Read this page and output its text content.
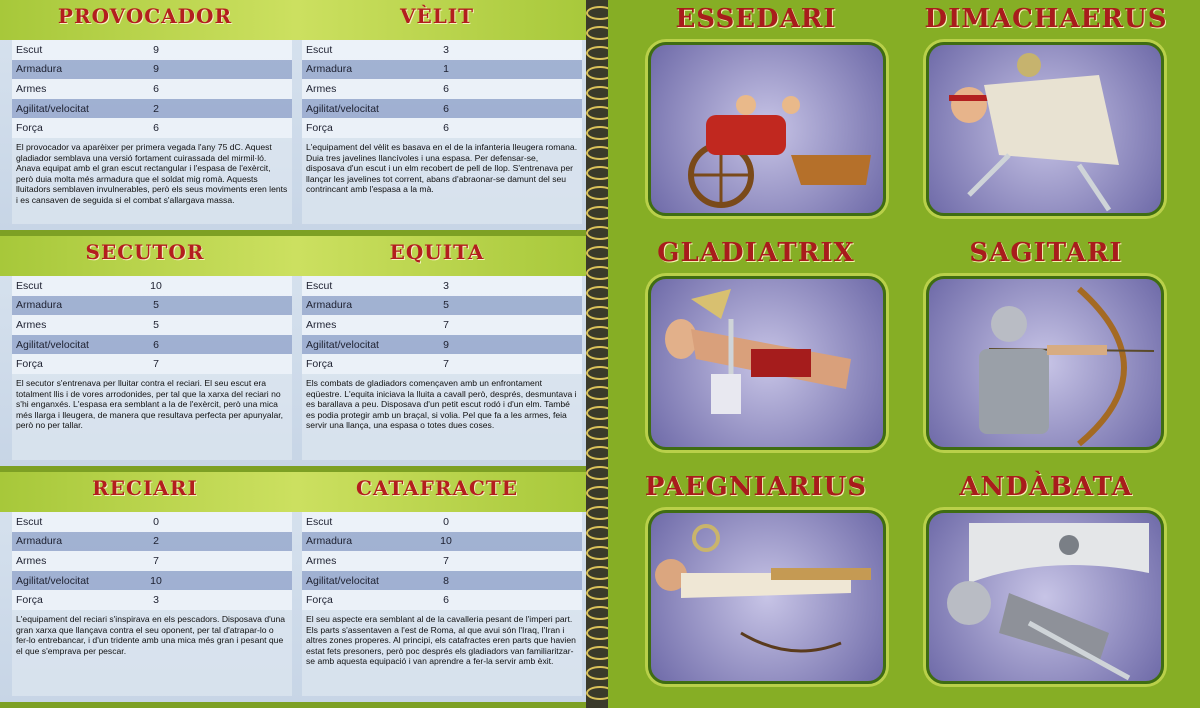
PROVOCADOR	VÈLIT
Escut	9
Armadura	9
Armes	6
Agilitat/velocitat	2
Força	6
El provocador va aparèixer per primera vegada l'any 75 dC. Aquest gladiador semblava una versió fortament cuirassada del mirmil·ló. Anava equipat amb el gran escut rectangular i l'espasa de l'exèrcit, però duia molta més armadura que el soldat mig romà. Aquests lluitadors semblaven invulnerables, però els seus moviments eren lents i es cansaven de seguida si el combat s'allargava massa.
Escut	3
Armadura	1
Armes	6
Agilitat/velocitat	6
Força	6
L'equipament del vèlit es basava en el de la infanteria lleugera romana. Duia tres javelines llancívoles i una espasa. Per defensar-se, disposava d'un escut i un elm recobert de pell de llop. S'entrenava per llançar les javelines tot corrent, abans d'abraonar-se damunt del seu contrincant amb l'espasa a la mà.
SECUTOR	EQUITA
Escut	10
Armadura	5
Armes	5
Agilitat/velocitat	6
Força	7
El secutor s'entrenava per lluitar contra el reciari. El seu escut era totalment llis i de vores arrodonides, per tal que la xarxa del reciari no s'hi enganxés. L'espasa era semblant a la de l'exèrcit, però una mica més llarga i lleugera, de manera que resultava perfecta per apunyalar, però no per tallar.
Escut	3
Armadura	5
Armes	7
Agilitat/velocitat	9
Força	7
Els combats de gladiadors començaven amb un enfrontament eqüestre. L'equita iniciava la lluita a cavall però, després, desmuntava i es barallava a peu. Disposava d'un petit escut rodó i d'un elm. També es podia protegir amb un braçal, si volia. Pel que fa a les armes, feia servir una llança, una espasa o totes dues coses.
RECIARI	CATAFRACTE
Escut	0
Armadura	2
Armes	7
Agilitat/velocitat	10
Força	3
L'equipament del reciari s'inspirava en els pescadors. Disposava d'una gran xarxa que llançava contra el seu oponent, per tal d'atrapar-lo o fer-lo entrebancar, i d'un tridente amb una mica més gran i pesant que el que s'emprava per pescar.
Escut	0
Armadura	10
Armes	7
Agilitat/velocitat	8
Força	6
El seu aspecte era semblant al de la cavalleria pesant de l'imperi part. Els parts s'assentaven a l'est de Roma, al que avui són l'Iraq, l'Iran i altres zones properes. Al principi, els catafractes eren parts que havien estat fets presoners, però poc després els gladiadors van familiaritzar-se amb aquesta equipació i van aprendre a fer-la servir amb èxit.
ESSEDARI	DIMACHAERUS
GLADIATRIX	SAGITARI
PAEGNIARIUS	ANDÀBATA
